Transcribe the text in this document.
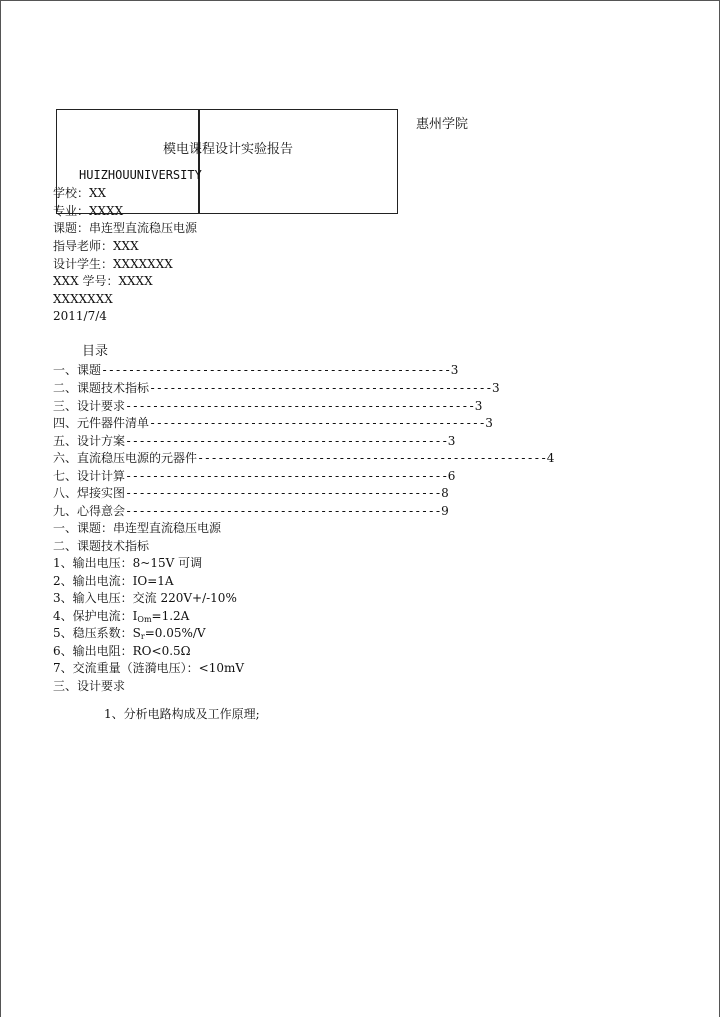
惠州学院
模电课程设计实验报告
HUIZHOUUNIVERSITY
学校：XX
专业：XXXX
课题：串连型直流稳压电源
指导老师：XXX
设计学生：XXXXXXX
XXX 学号：XXXX
XXXXXXX
2011/7/4
目录
一、课题----------------------------------------------------3
二、课题技术指标---------------------------------------------------3
三、设计要求----------------------------------------------------3
四、元件器件清单--------------------------------------------------3
五、设计方案------------------------------------------------3
六、直流稳压电源的元器件----------------------------------------------------4
七、设计计算------------------------------------------------6
八、焊接实图-----------------------------------------------8
九、心得意会-----------------------------------------------9
一、课题：串连型直流稳压电源
二、课题技术指标
1、输出电压：8~15V 可调
2、输出电流：IO=1A
3、输入电压：交流 220V+/-10%
4、保护电流：$I_{Om}=1.2A$
5、稳压系数：$S_r=0.05\%/V$
6、输出电阻：RO<0.5Ω
7、交流重量（涟漪电压）：<10mV
三、设计要求
1、分析电路构成及工作原理;
